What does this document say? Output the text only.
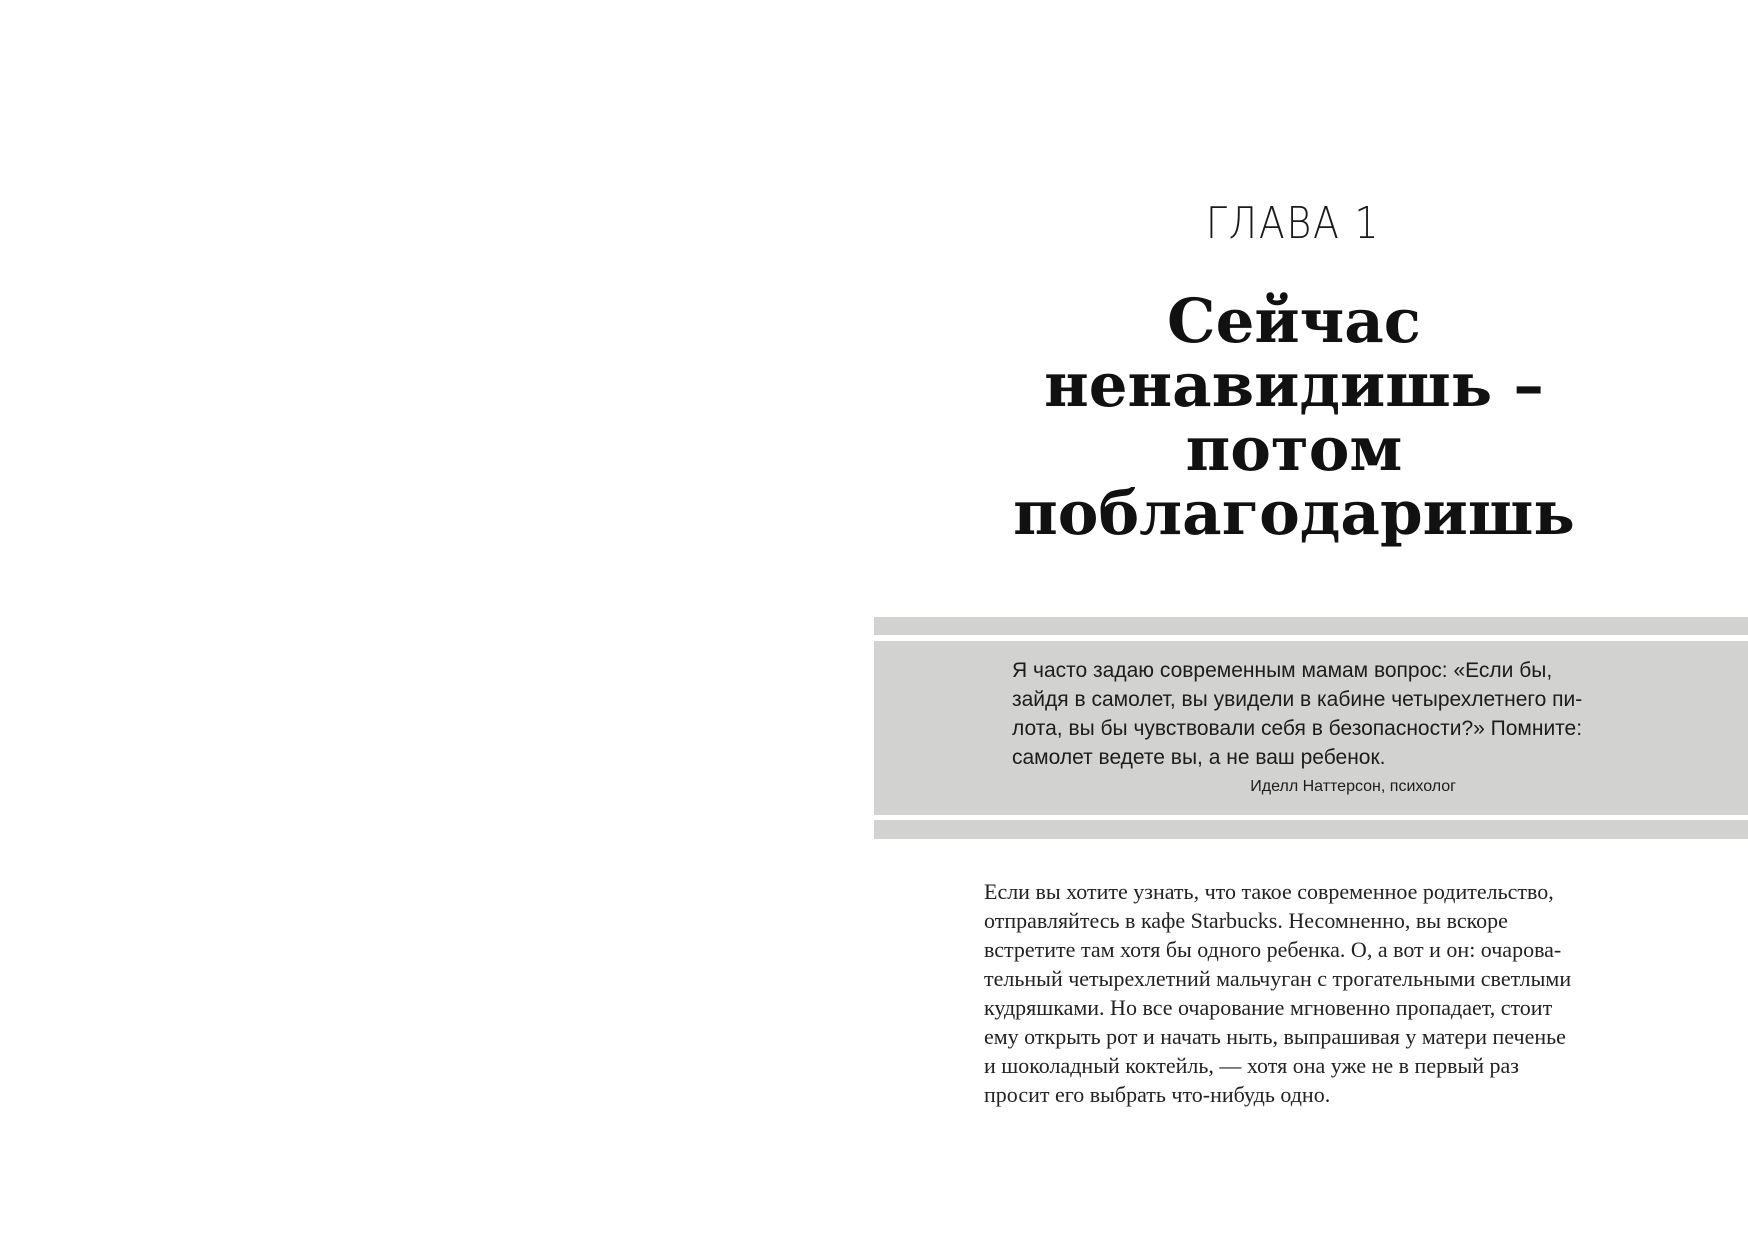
ГЛАВА 1
Сейчас
ненавидишь –
потом
поблагодаришь
Я часто задаю современным мамам вопрос: «Если бы,
зайдя в самолет, вы увидели в кабине четырехлетнего пи-
лота, вы бы чувствовали себя в безопасности?» Помните:
самолет ведете вы, а не ваш ребенок.
Иделл Наттерсон, психолог
Если вы хотите узнать, что такое современное родительство,
отправляйтесь в кафе Starbucks. Несомненно, вы вскоре
встретите там хотя бы одного ребенка. О, а вот и он: очарова-
тельный четырехлетний мальчуган с трогательными светлыми
кудряшками. Но все очарование мгновенно пропадает, стоит
ему открыть рот и начать ныть, выпрашивая у матери печенье
и шоколадный коктейль, — хотя она уже не в первый раз
просит его выбрать что-нибудь одно.
